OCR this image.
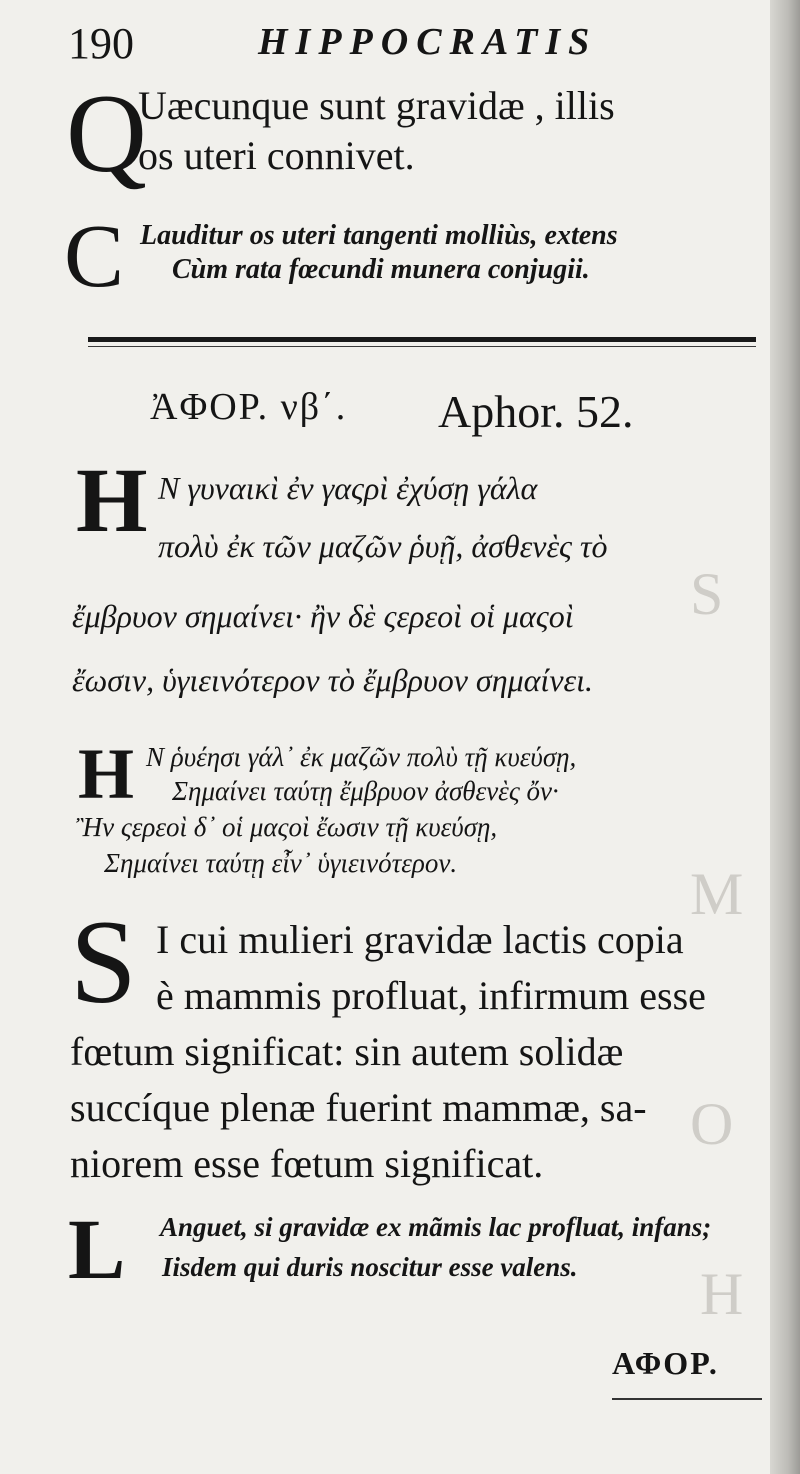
S
M
O
H
190	HIPPOCRATIS
Q
Uæcunque sunt gravidæ , illis
os uteri connivet.
C Lauditur os uteri tangenti molliùs, extens
Cùm rata fœcundi munera conjugii.
ἈΦΟΡ. νβ΄. Aphor. 52.
H Ν γυναικὶ ἐν γαςρὶ ἐχύσῃ γάλα
πολὺ ἐκ τῶν μαζῶν ῥυῇ, ἀσθενὲς τὸ
ἔμβρυον σημαίνει· ἢν δὲ ςερεοὶ οἱ μαςοὶ
ἔωσιν, ὑγιεινότερον τὸ ἔμβρυον σημαίνει.
H Ν ῥυέησι γάλ᾽ ἐκ μαζῶν πολὺ τῇ κυεύσῃ,
Σημαίνει ταύτῃ ἔμβρυον ἀσθενὲς ὄν·
Ἢν ςερεοὶ δ᾽ οἱ μαςοὶ ἔωσιν τῇ κυεύσῃ,
Σημαίνει ταύτῃ εἶν᾽ ὑγιεινότερον.
S I cui mulieri gravidæ lactis copia
è mammis profluat, infirmum esse
fœtum significat: sin autem solidæ
succíque plenæ fuerint mammæ, sa-
niorem esse fœtum significat.
L Anguet, si gravidæ ex mãmis lac profluat, infans;
Iisdem qui duris noscitur esse valens.
ΑΦΟΡ.
